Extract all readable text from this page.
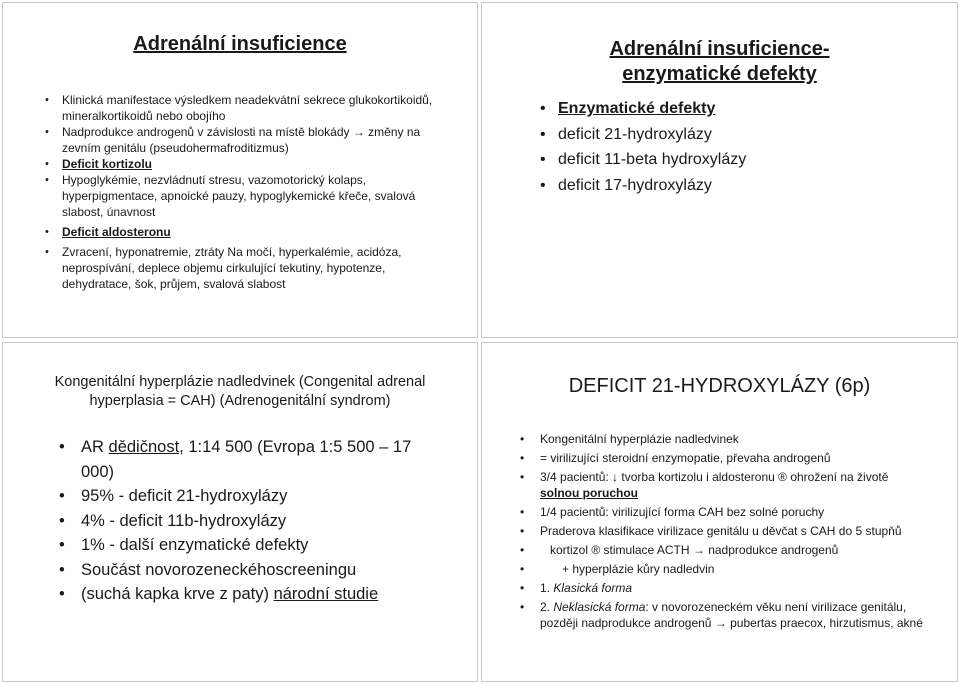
Adrenální insuficience
• Klinická manifestace výsledkem neadekvátní sekrece glukokortikoidů, mineralkortikoidů nebo obojího
• Nadprodukce androgenů v závislosti na místě blokády → změny na zevním genitálu (pseudohermafroditizmus)
• Deficit kortizolu
• Hypoglykémie, nezvládnutí stresu, vazomotorický kolaps, hyperpigmentace, apnoické pauzy, hypoglykemické křeče, svalová slabost, únavnost
• Deficit aldosteronu
• Zvracení, hyponatremie, ztráty Na močí, hyperkalémie, acidóza, neprospívání, deplece objemu cirkulující tekutiny, hypotenze, dehydratace, šok, průjem, svalová slabost
Adrenální insuficience-
enzymatické defekty
• Enzymatické defekty
• deficit 21-hydroxylázy
• deficit 11-beta hydroxylázy
• deficit 17-hydroxylázy
Kongenitální hyperplázie nadledvinek (Congenital adrenal hyperplasia = CAH) (Adrenogenitální syndrom)
• AR dědičnost, 1:14 500 (Evropa 1:5 500 – 17 000)
• 95% - deficit 21-hydroxylázy
• 4% - deficit 11b-hydroxylázy
• 1% - další enzymatické defekty
• Součást novorozeneckéhoscreeningu
• (suchá kapka krve z paty) národní studie
DEFICIT 21-HYDROXYLÁZY (6p)
• Kongenitální hyperplázie nadledvinek
• = virilizující steroidní enzymopatie, převaha androgenů
• 3/4 pacientů: ↓ tvorba kortizolu i aldosteronu ® ohrožení na životě solnou poruchou
• 1/4 pacientů: virilizující forma CAH bez solné poruchy
• Praderova klasifikace virilizace genitálu u děvčat s CAH do 5 stupňů
• kortizol ® stimulace ACTH → nadprodukce androgenů
• + hyperplázie kůry nadledvin
• 1. Klasická forma
• 2. Neklasická forma: v novorozeneckém věku není virilizace genitálu, později nadprodukce androgenů → pubertas praecox, hirzutismus, akné
